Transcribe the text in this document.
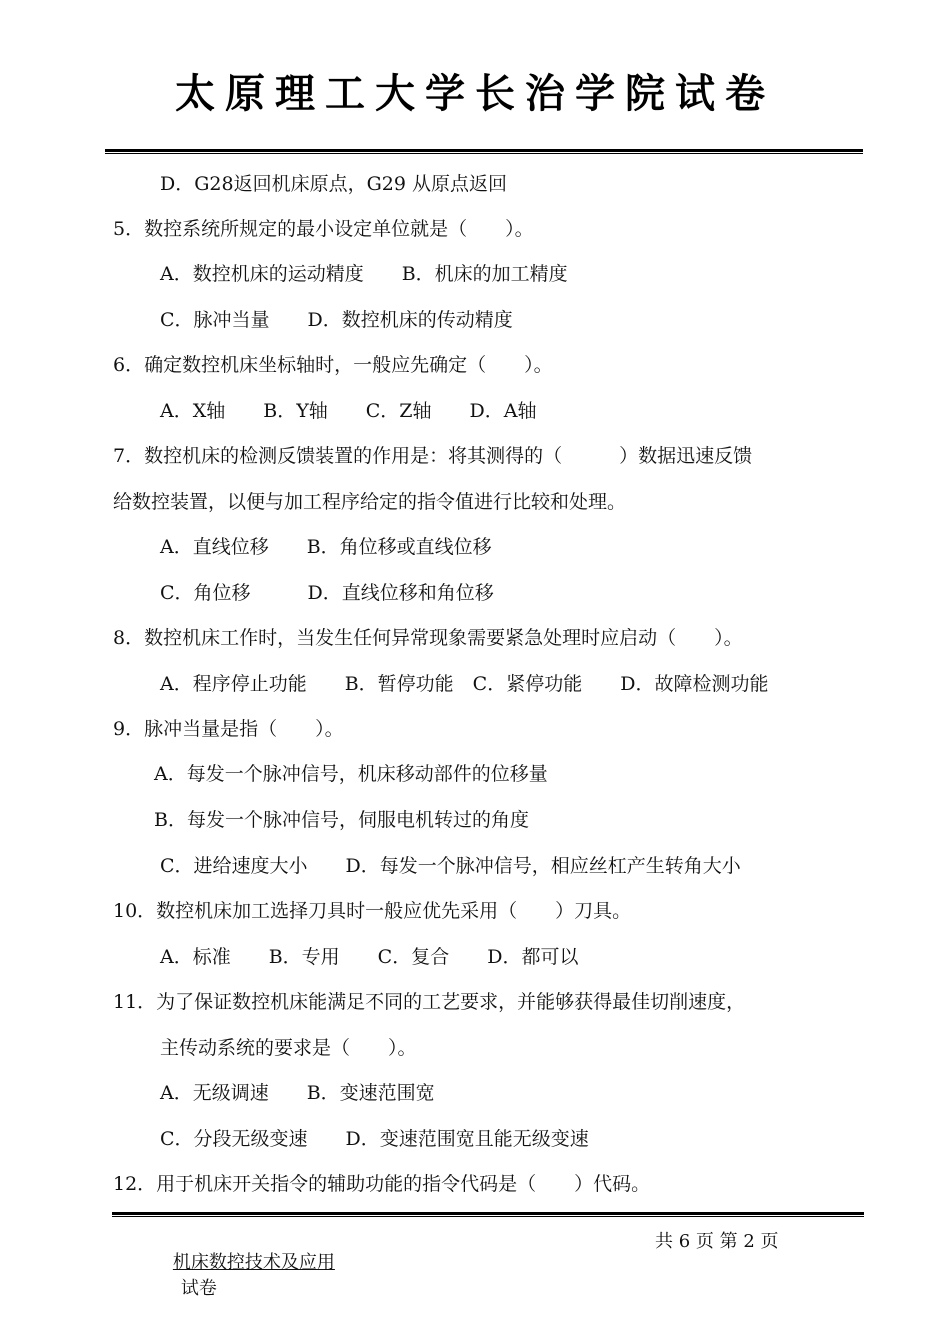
太原理工大学长治学院试卷
D．G28返回机床原点，G29 从原点返回
5．数控系统所规定的最小设定单位就是（　　）。
A．数控机床的运动精度　　B．机床的加工精度
C．脉冲当量　　D．数控机床的传动精度
6．确定数控机床坐标轴时，一般应先确定（　　）。
A．X轴　　B．Y轴　　C．Z轴　　D．A轴
7．数控机床的检测反馈装置的作用是：将其测得的（　　　）数据迅速反馈
给数控装置，以便与加工程序给定的指令值进行比较和处理。
A．直线位移　　B．角位移或直线位移
C．角位移　　　D．直线位移和角位移
8．数控机床工作时，当发生任何异常现象需要紧急处理时应启动（　　）。
A．程序停止功能　　B．暂停功能　C．紧停功能　　D．故障检测功能
9．脉冲当量是指（　　）。
A．每发一个脉冲信号，机床移动部件的位移量
B．每发一个脉冲信号，伺服电机转过的角度
C．进给速度大小　　D．每发一个脉冲信号，相应丝杠产生转角大小
10．数控机床加工选择刀具时一般应优先采用（　　）刀具。
A．标准　　B．专用　　C．复合　　D．都可以
11．为了保证数控机床能满足不同的工艺要求，并能够获得最佳切削速度，
主传动系统的要求是（　　）。
A．无级调速　　B．变速范围宽
C．分段无级变速　　D．变速范围宽且能无级变速
12．用于机床开关指令的辅助功能的指令代码是（　　）代码。

机床数控技术及应用
试卷

共 6 页 第 2 页
